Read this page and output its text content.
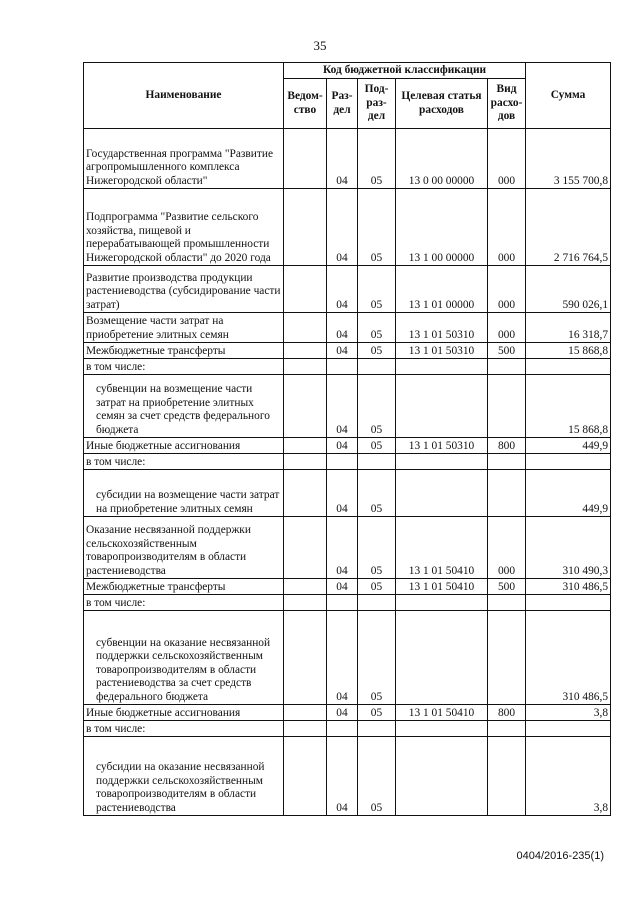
35
Наименование	Код бюджетной классификации					Сумма
	Ведом-ство	Раз-дел	Под-раз-дел	Целевая статья расходов	Вид расхо-дов	
Государственная программа "Развитие агропромышленного комплекса Нижегородской области"		04	05	13 0 00 00000	000	3 155 700,8
Подпрограмма "Развитие сельского хозяйства, пищевой и перерабатывающей промышленности Нижегородской области" до 2020 года		04	05	13 1 00 00000	000	2 716 764,5
Развитие производства продукции растениеводства (субсидирование части затрат)		04	05	13 1 01 00000	000	590 026,1
Возмещение части затрат на приобретение элитных семян		04	05	13 1 01 50310	000	16 318,7
Межбюджетные трансферты		04	05	13 1 01 50310	500	15 868,8
в том числе:						
субвенции на возмещение части затрат на приобретение элитных семян за счет средств федерального бюджета		04	05			15 868,8
Иные бюджетные ассигнования		04	05	13 1 01 50310	800	449,9
в том числе:						
субсидии на возмещение части затрат на приобретение элитных семян		04	05			449,9
Оказание несвязанной поддержки сельскохозяйственным товаропроизводителям в области растениеводства		04	05	13 1 01 50410	000	310 490,3
Межбюджетные трансферты		04	05	13 1 01 50410	500	310 486,5
в том числе:						
субвенции на оказание несвязанной поддержки сельскохозяйственным товаропроизводителям в области растениеводства за счет средств федерального бюджета		04	05			310 486,5
Иные бюджетные ассигнования		04	05	13 1 01 50410	800	3,8
в том числе:						
субсидии на оказание несвязанной поддержки сельскохозяйственным товаропроизводителям в области растениеводства		04	05			3,8
0404/2016-235(1)
